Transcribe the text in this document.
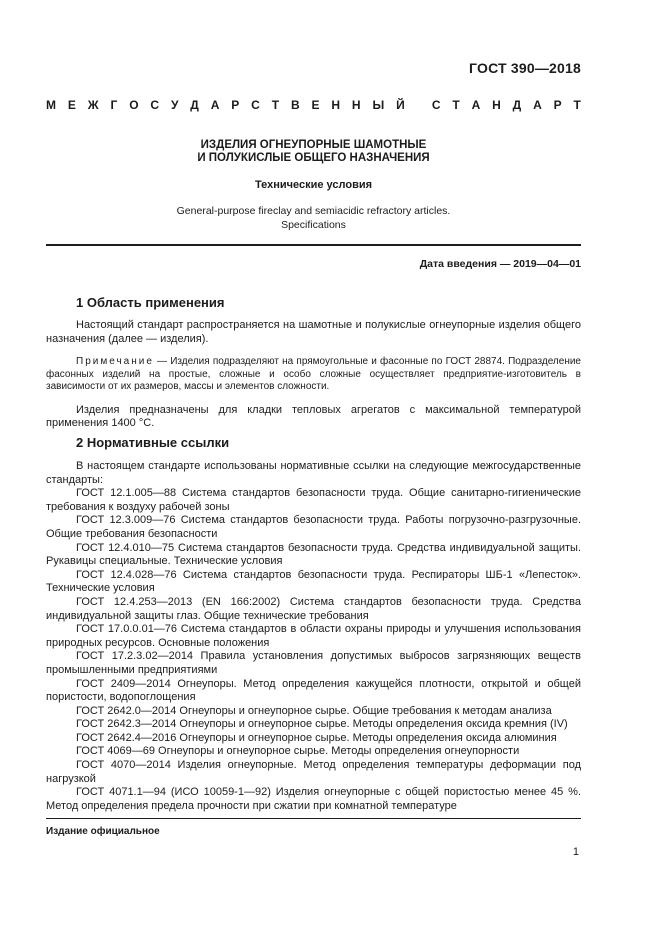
ГОСТ 390—2018
М Е Ж Г О С У Д А Р С Т В Е Н Н Ы Й
С Т А Н Д А Р Т
ИЗДЕЛИЯ ОГНЕУПОРНЫЕ ШАМОТНЫЕ
И ПОЛУКИСЛЫЕ ОБЩЕГО НАЗНАЧЕНИЯ
Технические условия
General-purpose fireclay and semiacidic refractory articles.
Specifications
Дата введения — 2019—04—01
1 Область применения

Настоящий стандарт распространяется на шамотные и полукислые огнеупорные изделия общего назначения (далее — изделия).

Примечание — Изделия подразделяют на прямоугольные и фасонные по ГОСТ 28874. Подразделение фасонных изделий на простые, сложные и особо сложные осуществляет предприятие-изготовитель в зависимости от их размеров, массы и элементов сложности.

Изделия предназначены для кладки тепловых агрегатов с максимальной температурой применения 1400 °С.

2 Нормативные ссылки

В настоящем стандарте использованы нормативные ссылки на следующие межгосударственные стандарты:

ГОСТ 12.1.005—88 Система стандартов безопасности труда. Общие санитарно-гигиенические требования к воздуху рабочей зоны

ГОСТ 12.3.009—76 Система стандартов безопасности труда. Работы погрузочно-разгрузочные. Общие требования безопасности

ГОСТ 12.4.010—75 Система стандартов безопасности труда. Средства индивидуальной защиты. Рукавицы специальные. Технические условия

ГОСТ 12.4.028—76 Система стандартов безопасности труда. Респираторы ШБ-1 «Лепесток». Технические условия

ГОСТ 12.4.253—2013 (EN 166:2002) Система стандартов безопасности труда. Средства индивидуальной защиты глаз. Общие технические требования

ГОСТ 17.0.0.01—76 Система стандартов в области охраны природы и улучшения использования природных ресурсов. Основные положения

ГОСТ 17.2.3.02—2014 Правила установления допустимых выбросов загрязняющих веществ промышленными предприятиями

ГОСТ 2409—2014 Огнеупоры. Метод определения кажущейся плотности, открытой и общей пористости, водопоглощения

ГОСТ 2642.0—2014 Огнеупоры и огнеупорное сырье. Общие требования к методам анализа

ГОСТ 2642.3—2014 Огнеупоры и огнеупорное сырье. Методы определения оксида кремния (IV)

ГОСТ 2642.4—2016 Огнеупоры и огнеупорное сырье. Методы определения оксида алюминия

ГОСТ 4069—69 Огнеупоры и огнеупорное сырье. Методы определения огнеупорности

ГОСТ 4070—2014 Изделия огнеупорные. Метод определения температуры деформации под нагрузкой

ГОСТ 4071.1—94 (ИСО 10059-1—92) Изделия огнеупорные с общей пористостью менее 45 %. Метод определения предела прочности при сжатии при комнатной температуре

Издание официальное
1
